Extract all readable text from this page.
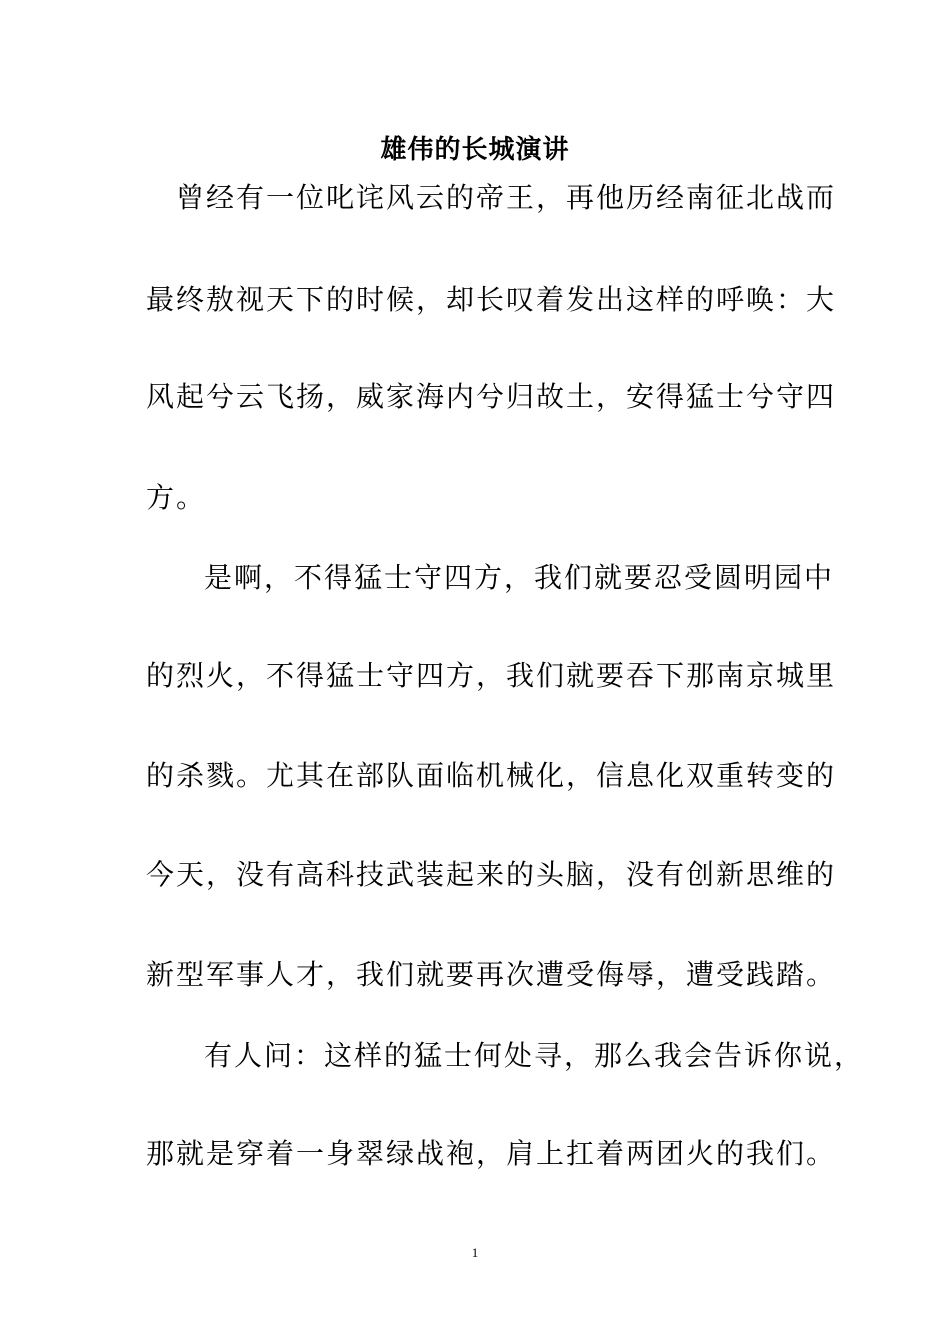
雄伟的长城演讲
曾经有一位叱诧风云的帝王，再他历经南征北战而
最终敖视天下的时候，却长叹着发出这样的呼唤：大
风起兮云飞扬，威家海内兮归故土，安得猛士兮守四
方。
是啊，不得猛士守四方，我们就要忍受圆明园中
的烈火，不得猛士守四方，我们就要吞下那南京城里
的杀戮。尤其在部队面临机械化，信息化双重转变的
今天，没有高科技武装起来的头脑，没有创新思维的
新型军事人才，我们就要再次遭受侮辱，遭受践踏。
有人问：这样的猛士何处寻，那么我会告诉你说，
那就是穿着一身翠绿战袍，肩上扛着两团火的我们。
1
